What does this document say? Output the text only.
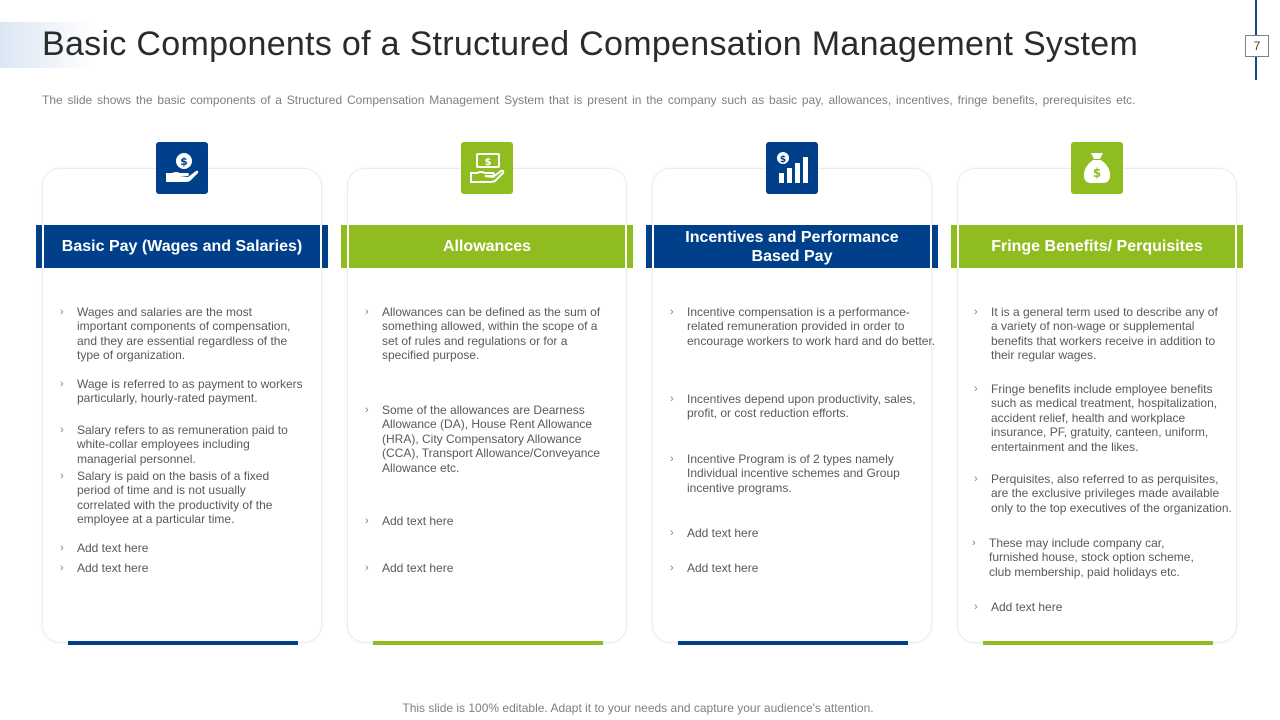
Basic Components of a Structured Compensation Management System	7
The slide shows the basic components of a Structured Compensation Management System that is present in the company such as basic pay, allowances, incentives, fringe benefits, prerequisites etc.
$
Basic Pay (Wages and Salaries)
› Wages and salaries are the most important components of compensation, and they are essential regardless of the type of organization.
› Wage is referred to as payment to workers particularly, hourly-rated payment.
› Salary refers to as remuneration paid to white-collar employees including managerial personnel.
› Salary is paid on the basis of a fixed period of time and is not usually correlated with the productivity of the employee at a particular time.
› Add text here
› Add text here
$
Allowances
› Allowances can be defined as the sum of something allowed, within the scope of a set of rules and regulations or for a specified purpose.
› Some of the allowances are Dearness Allowance (DA), House Rent Allowance (HRA), City Compensatory Allowance (CCA), Transport Allowance/Conveyance Allowance etc.
› Add text here
› Add text here
$
Incentives and Performance Based Pay
› Incentive compensation is a performance-related remuneration provided in order to encourage workers to work hard and do better.
› Incentives depend upon productivity, sales, profit, or cost reduction efforts.
› Incentive Program is of 2 types namely Individual incentive schemes and Group incentive programs.
› Add text here
› Add text here
$
Fringe Benefits/ Perquisites
› It is a general term used to describe any of a variety of non-wage or supplemental benefits that workers receive in addition to their regular wages.
› Fringe benefits include employee benefits such as medical treatment, hospitalization, accident relief, health and workplace insurance, PF, gratuity, canteen, uniform, entertainment and the likes.
› Perquisites, also referred to as perquisites, are the exclusive privileges made available only to the top executives of the organization.
› These may include company car, furnished house, stock option scheme, club membership, paid holidays etc.
› Add text here
This slide is 100% editable. Adapt it to your needs and capture your audience's attention.
